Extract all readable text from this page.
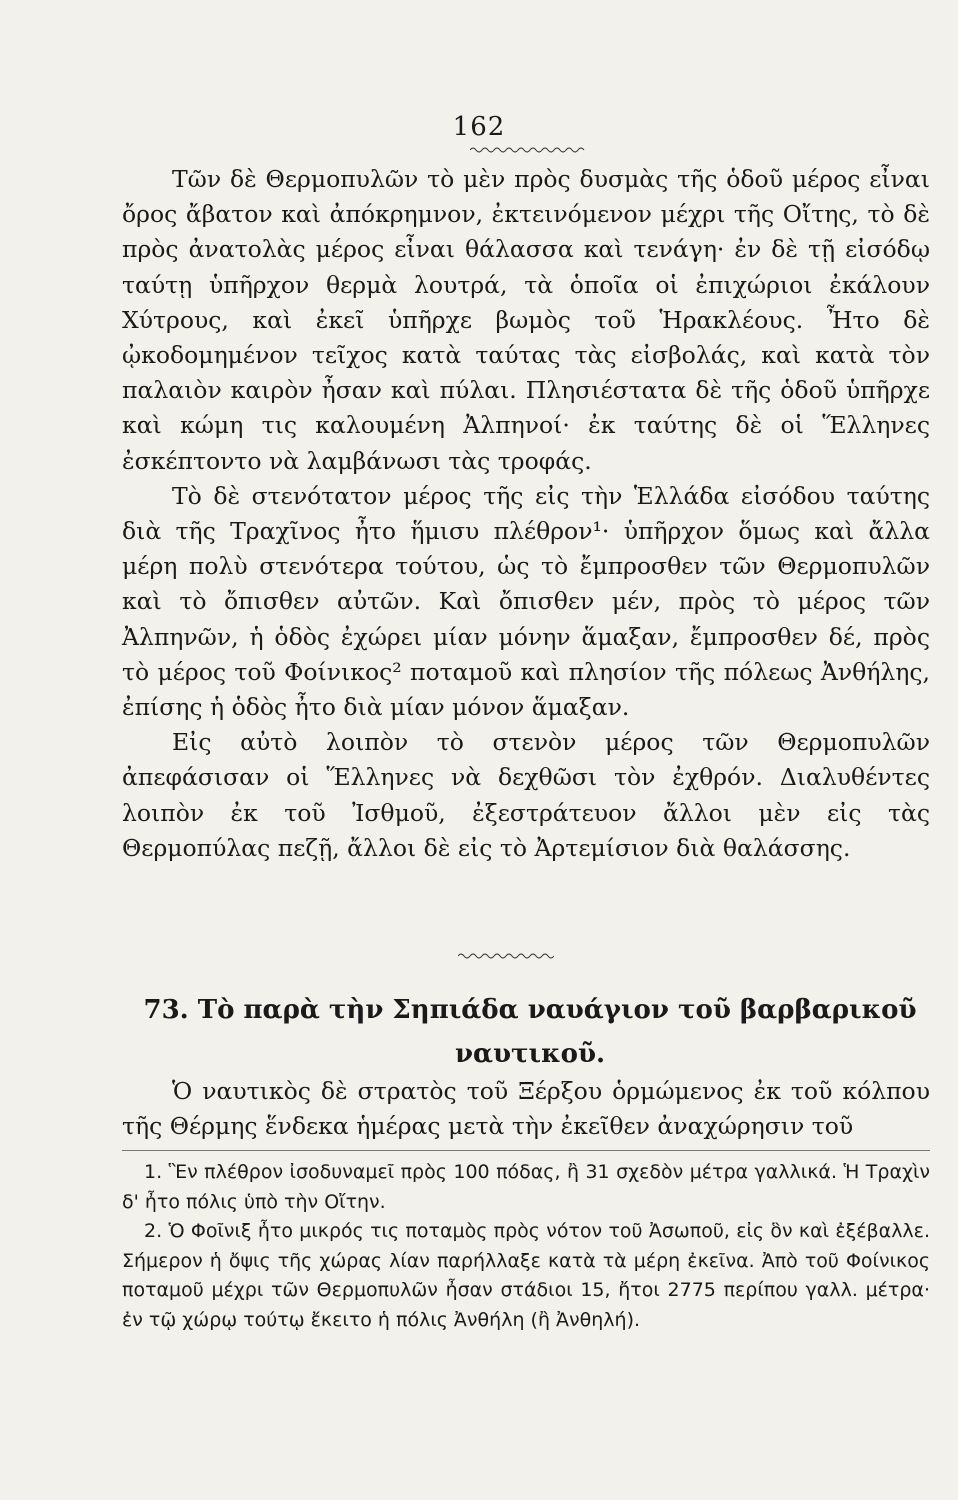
162

Τῶν δὲ Θερμοπυλῶν τὸ μὲν πρὸς δυσμὰς τῆς ὁδοῦ μέρος εἶναι ὄρος ἄβατον καὶ ἀπόκρημνον, ἐκτεινόμενον μέχρι τῆς Οἴτης, τὸ δὲ πρὸς ἀνατολὰς μέρος εἶναι θάλασσα καὶ τενάγη· ἐν δὲ τῇ εἰσόδῳ ταύτῃ ὑπῆρχον θερμὰ λουτρά, τὰ ὁποῖα οἱ ἐπιχώριοι ἐκάλουν Χύτρους, καὶ ἐκεῖ ὑπῆρχε βωμὸς τοῦ Ἡρακλέους. Ἦτο δὲ ᾠκοδομημένον τεῖχος κατὰ ταύτας τὰς εἰσβολάς, καὶ κατὰ τὸν παλαιὸν καιρὸν ἦσαν καὶ πύλαι. Πλησιέστατα δὲ τῆς ὁδοῦ ὑπῆρχε καὶ κώμη τις καλουμένη Ἀλπηνοί· ἐκ ταύτης δὲ οἱ Ἕλληνες ἐσκέπτοντο νὰ λαμβάνωσι τὰς τροφάς.

Τὸ δὲ στενότατον μέρος τῆς εἰς τὴν Ἑλλάδα εἰσόδου ταύτης διὰ τῆς Τραχῖνος ἦτο ἥμισυ πλέθρον¹· ὑπῆρχον ὅμως καὶ ἄλλα μέρη πολὺ στενότερα τούτου, ὡς τὸ ἔμπροσθεν τῶν Θερμοπυλῶν καὶ τὸ ὄπισθεν αὐτῶν. Καὶ ὄπισθεν μέν, πρὸς τὸ μέρος τῶν Ἀλπηνῶν, ἡ ὁδὸς ἐχώρει μίαν μόνην ἅμαξαν, ἔμπροσθεν δέ, πρὸς τὸ μέρος τοῦ Φοίνικος² ποταμοῦ καὶ πλησίον τῆς πόλεως Ἀνθήλης, ἐπίσης ἡ ὁδὸς ἦτο διὰ μίαν μόνον ἅμαξαν.

Εἰς αὐτὸ λοιπὸν τὸ στενὸν μέρος τῶν Θερμοπυλῶν ἀπεφάσισαν οἱ Ἕλληνες νὰ δεχθῶσι τὸν ἐχθρόν. Διαλυθέντες λοιπὸν ἐκ τοῦ Ἰσθμοῦ, ἐξεστράτευον ἄλλοι μὲν εἰς τὰς Θερμοπύλας πεζῇ, ἄλλοι δὲ εἰς τὸ Ἀρτεμίσιον διὰ θαλάσσης.

73. Τὸ παρὰ τὴν Σηπιάδα ναυάγιον τοῦ βαρβαρικοῦ ναυτικοῦ.

Ὁ ναυτικὸς δὲ στρατὸς τοῦ Ξέρξου ὁρμώμενος ἐκ τοῦ κόλπου τῆς Θέρμης ἕνδεκα ἡμέρας μετὰ τὴν ἐκεῖθεν ἀναχώρησιν τοῦ

1. Ἓν πλέθρον ἰσοδυναμεῖ πρὸς 100 πόδας, ἢ 31 σχεδὸν μέτρα γαλλικά. Ἡ Τραχὶν δ' ἦτο πόλις ὑπὸ τὴν Οἴτην.

2. Ὁ Φοῖνιξ ἦτο μικρός τις ποταμὸς πρὸς νότον τοῦ Ἀσωποῦ, εἰς ὃν καὶ ἐξέβαλλε. Σήμερον ἡ ὄψις τῆς χώρας λίαν παρήλλαξε κατὰ τὰ μέρη ἐκεῖνα. Ἀπὸ τοῦ Φοίνικος ποταμοῦ μέχρι τῶν Θερμοπυλῶν ἦσαν στάδιοι 15, ἤτοι 2775 περίπου γαλλ. μέτρα· ἐν τῷ χώρῳ τούτῳ ἔκειτο ἡ πόλις Ἀνθήλη (ἢ Ἀνθηλή).
